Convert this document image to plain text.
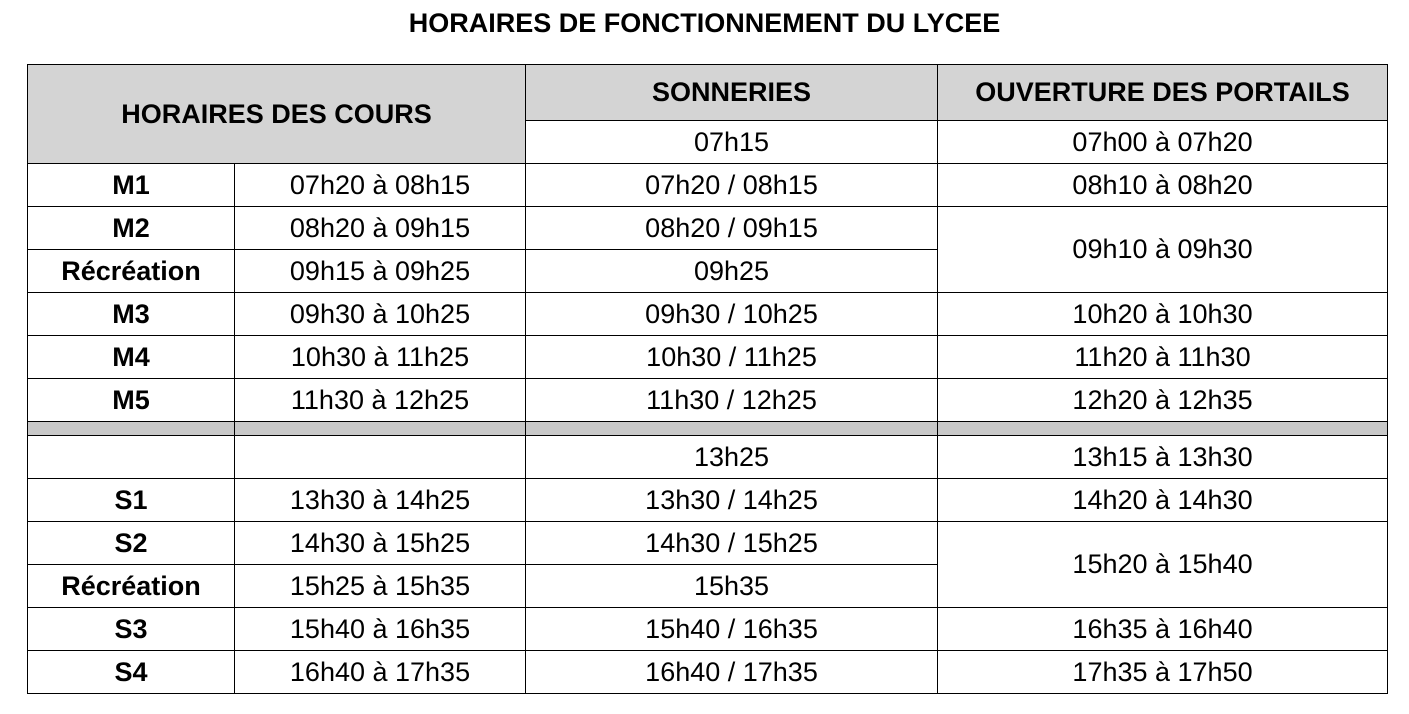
HORAIRES DE FONCTIONNEMENT DU LYCEE
HORAIRES DES COURS		SONNERIES	OUVERTURE DES PORTAILS
		07h15	07h00 à 07h20
M1	07h20 à 08h15	07h20 / 08h15	08h10 à 08h20
M2	08h20 à 09h15	08h20 / 09h15	09h10 à 09h30
Récréation	09h15 à 09h25	09h25	
M3	09h30 à 10h25	09h30 / 10h25	10h20 à 10h30
M4	10h30 à 11h25	10h30 / 11h25	11h20 à 11h30
M5	11h30 à 12h25	11h30 / 12h25	12h20 à 12h35

		13h25	13h15 à 13h30
S1	13h30 à 14h25	13h30 / 14h25	14h20 à 14h30
S2	14h30 à 15h25	14h30 / 15h25	15h20 à 15h40
Récréation	15h25 à 15h35	15h35	
S3	15h40 à 16h35	15h40 / 16h35	16h35 à 16h40
S4	16h40 à 17h35	16h40 / 17h35	17h35 à 17h50
